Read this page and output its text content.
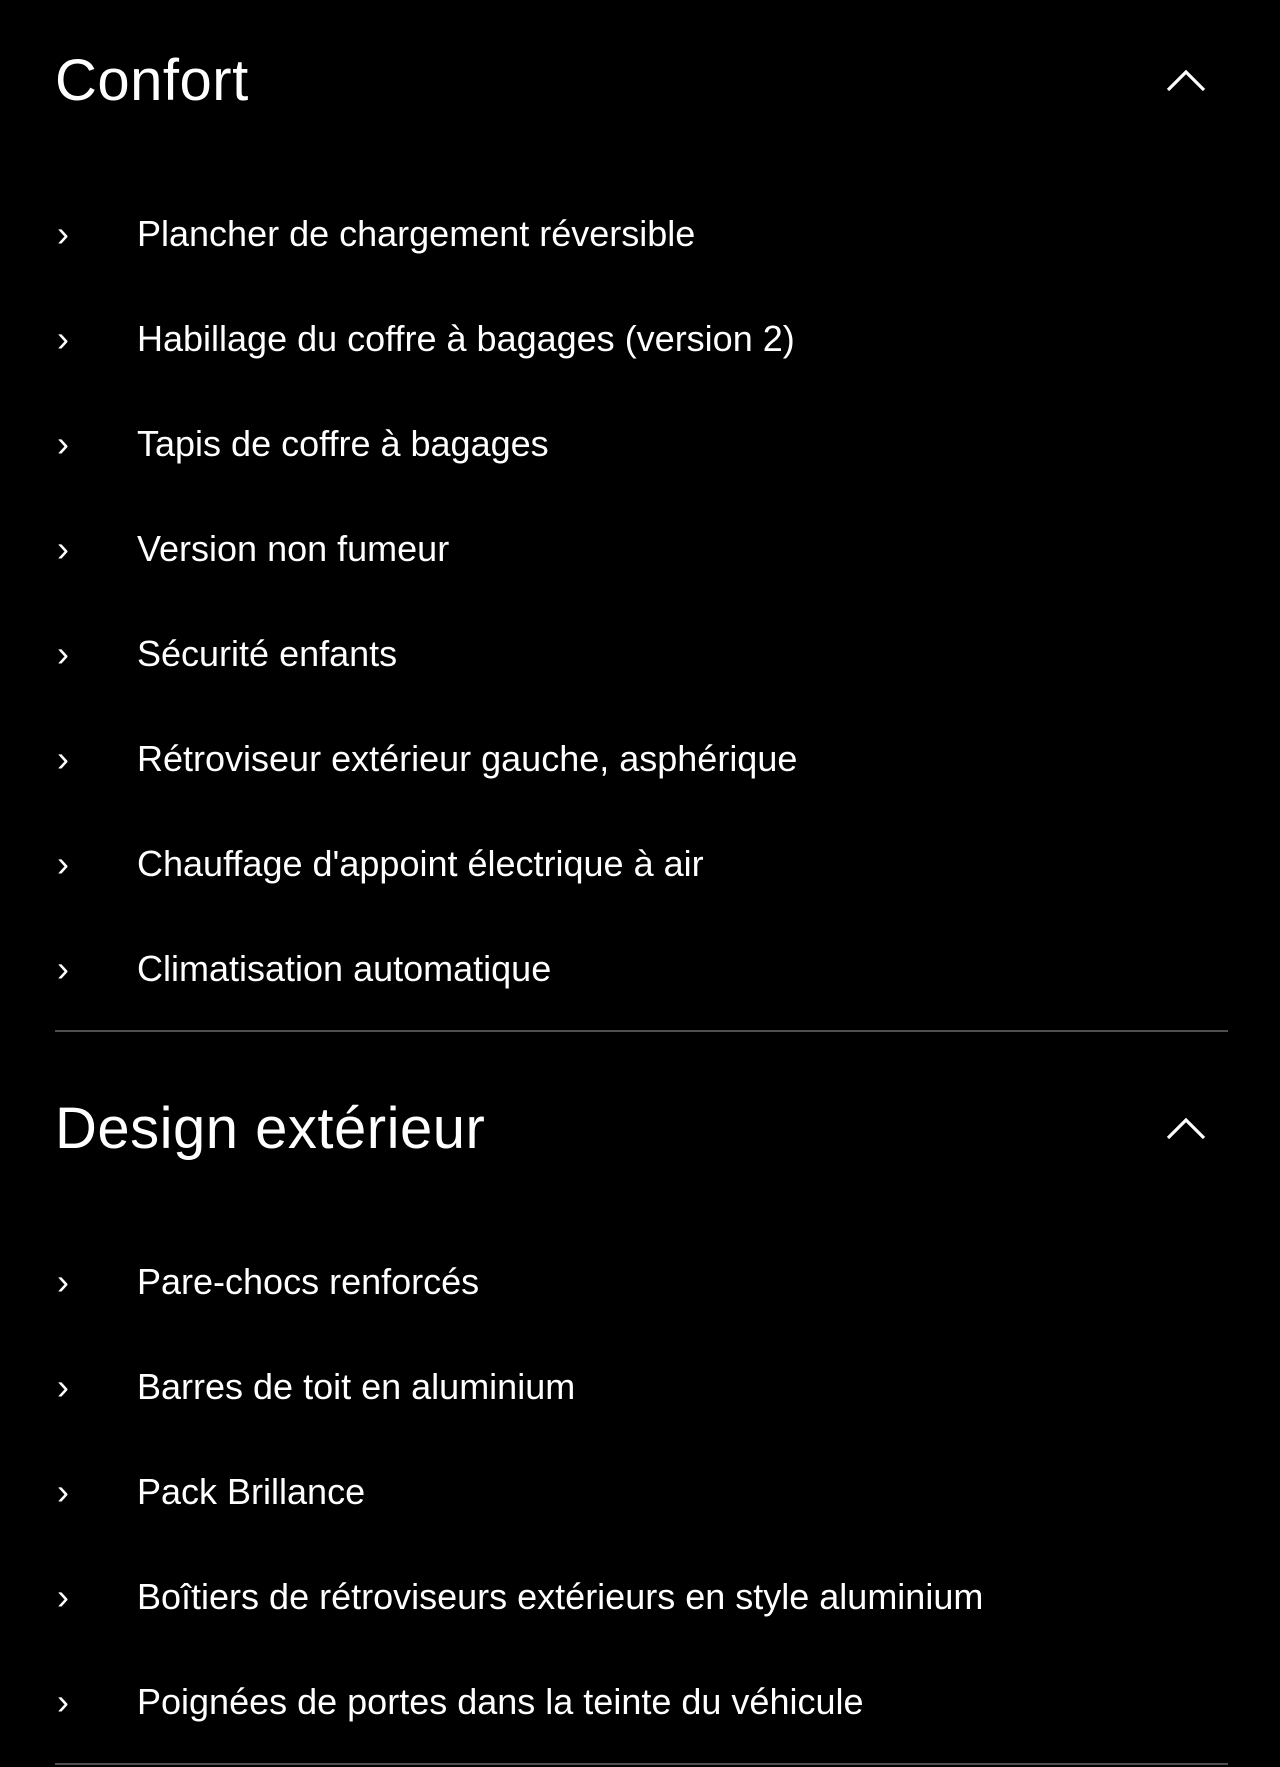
Confort
›	Plancher de chargement réversible
›	Habillage du coffre à bagages (version 2)
›	Tapis de coffre à bagages
›	Version non fumeur
›	Sécurité enfants
›	Rétroviseur extérieur gauche, asphérique
›	Chauffage d'appoint électrique à air
›	Climatisation automatique
Design extérieur
›	Pare-chocs renforcés
›	Barres de toit en aluminium
›	Pack Brillance
›	Boîtiers de rétroviseurs extérieurs en style aluminium
›	Poignées de portes dans la teinte du véhicule
